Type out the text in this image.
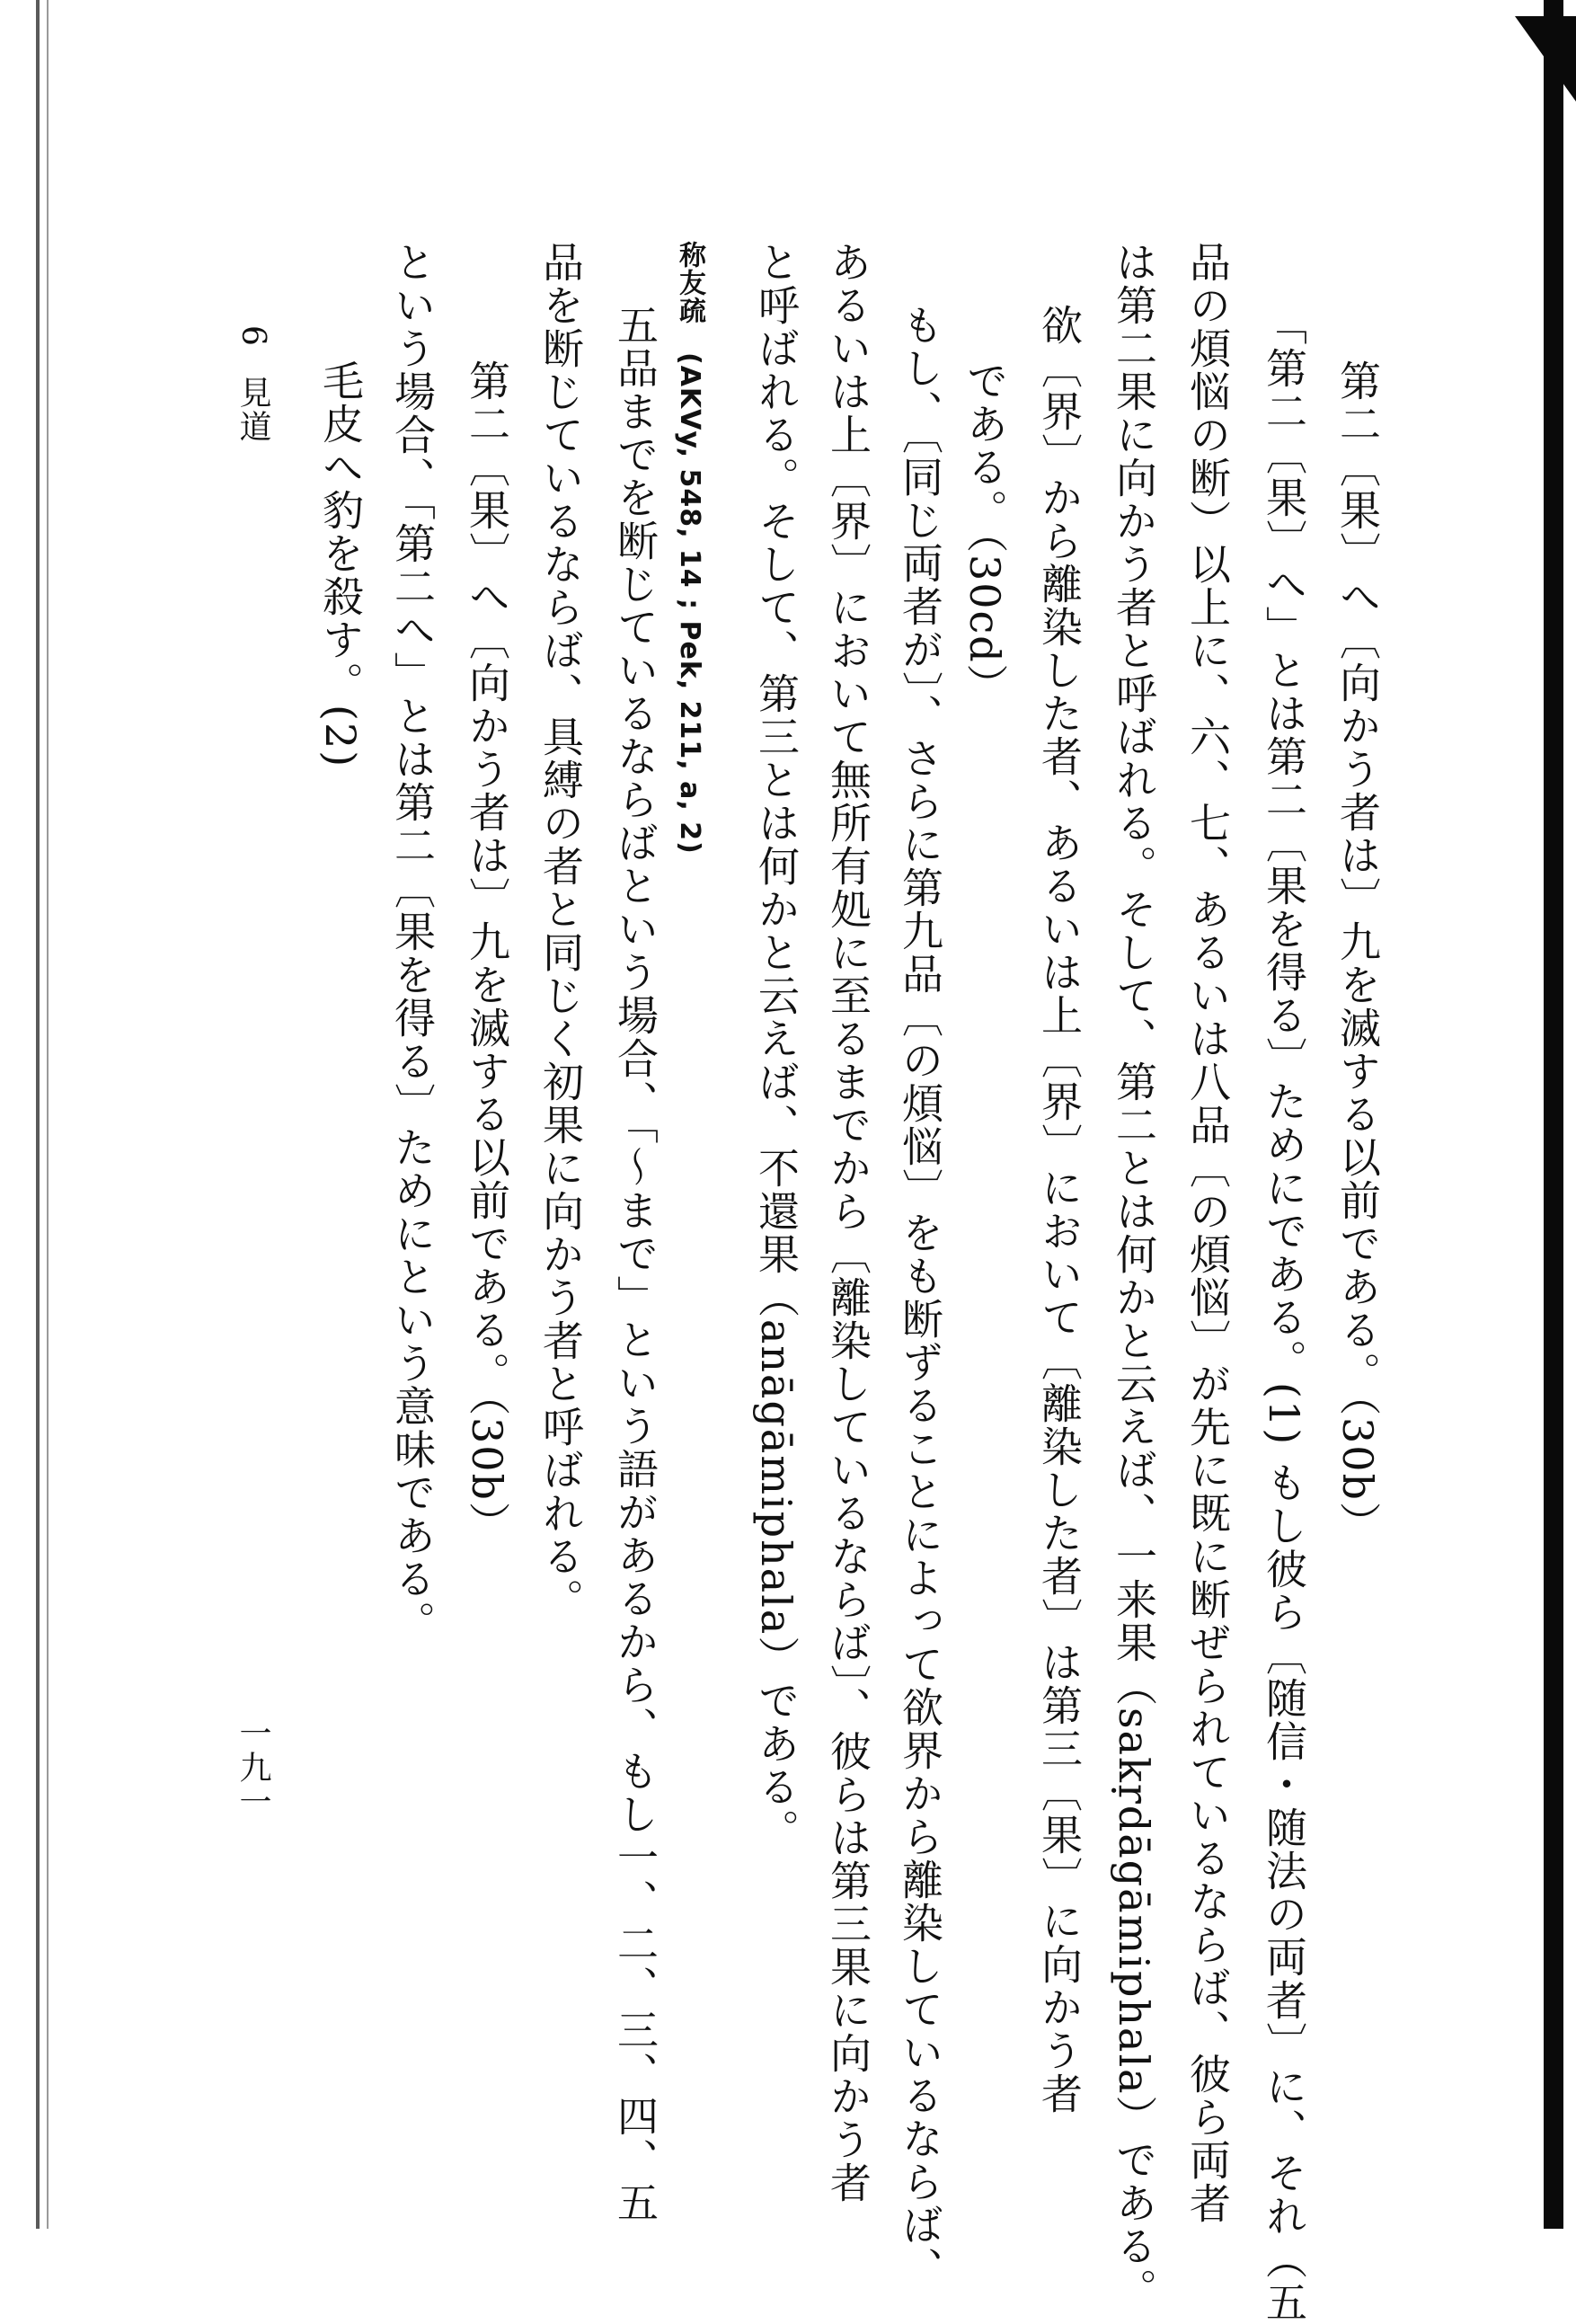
第二〔果〕へ〔向かう者は〕九を滅する以前である。（30b）
「第二〔果〕へ」とは第二〔果を得る〕ためにである。(1) もし彼ら〔随信・随法の両者〕に、それ（五
品の煩悩の断）以上に、六、七、あるいは八品〔の煩悩〕が先に既に断ぜられているならば、彼ら両者
は第二果に向かう者と呼ばれる。そして、第二とは何かと云えば、一来果（sakṛdāgāmiphala）である。
欲〔界〕から離染した者、あるいは上〔界〕において〔離染した者〕は第三〔果〕に向かう者
である。（30cd）
もし、〔同じ両者が〕、さらに第九品〔の煩悩〕をも断ずることによって欲界から離染しているならば、
あるいは上〔界〕において無所有処に至るまでから〔離染しているならば〕、彼らは第三果に向かう者
と呼ばれる。そして、第三とは何かと云えば、不還果（anāgāmiphala）である。
称友疏　(AKVy, 548, 14 ; Pek, 211, a, 2)
五品までを断じているならばという場合、「〜まで」という語があるから、もし一、二、三、四、五
品を断じているならば、具縛の者と同じく初果に向かう者と呼ばれる。
第二〔果〕へ〔向かう者は〕九を滅する以前である。（30b）
という場合、「第二へ」とは第二〔果を得る〕ためにという意味である。
毛皮へ豹を殺す。(2)
6
見道
一九一
